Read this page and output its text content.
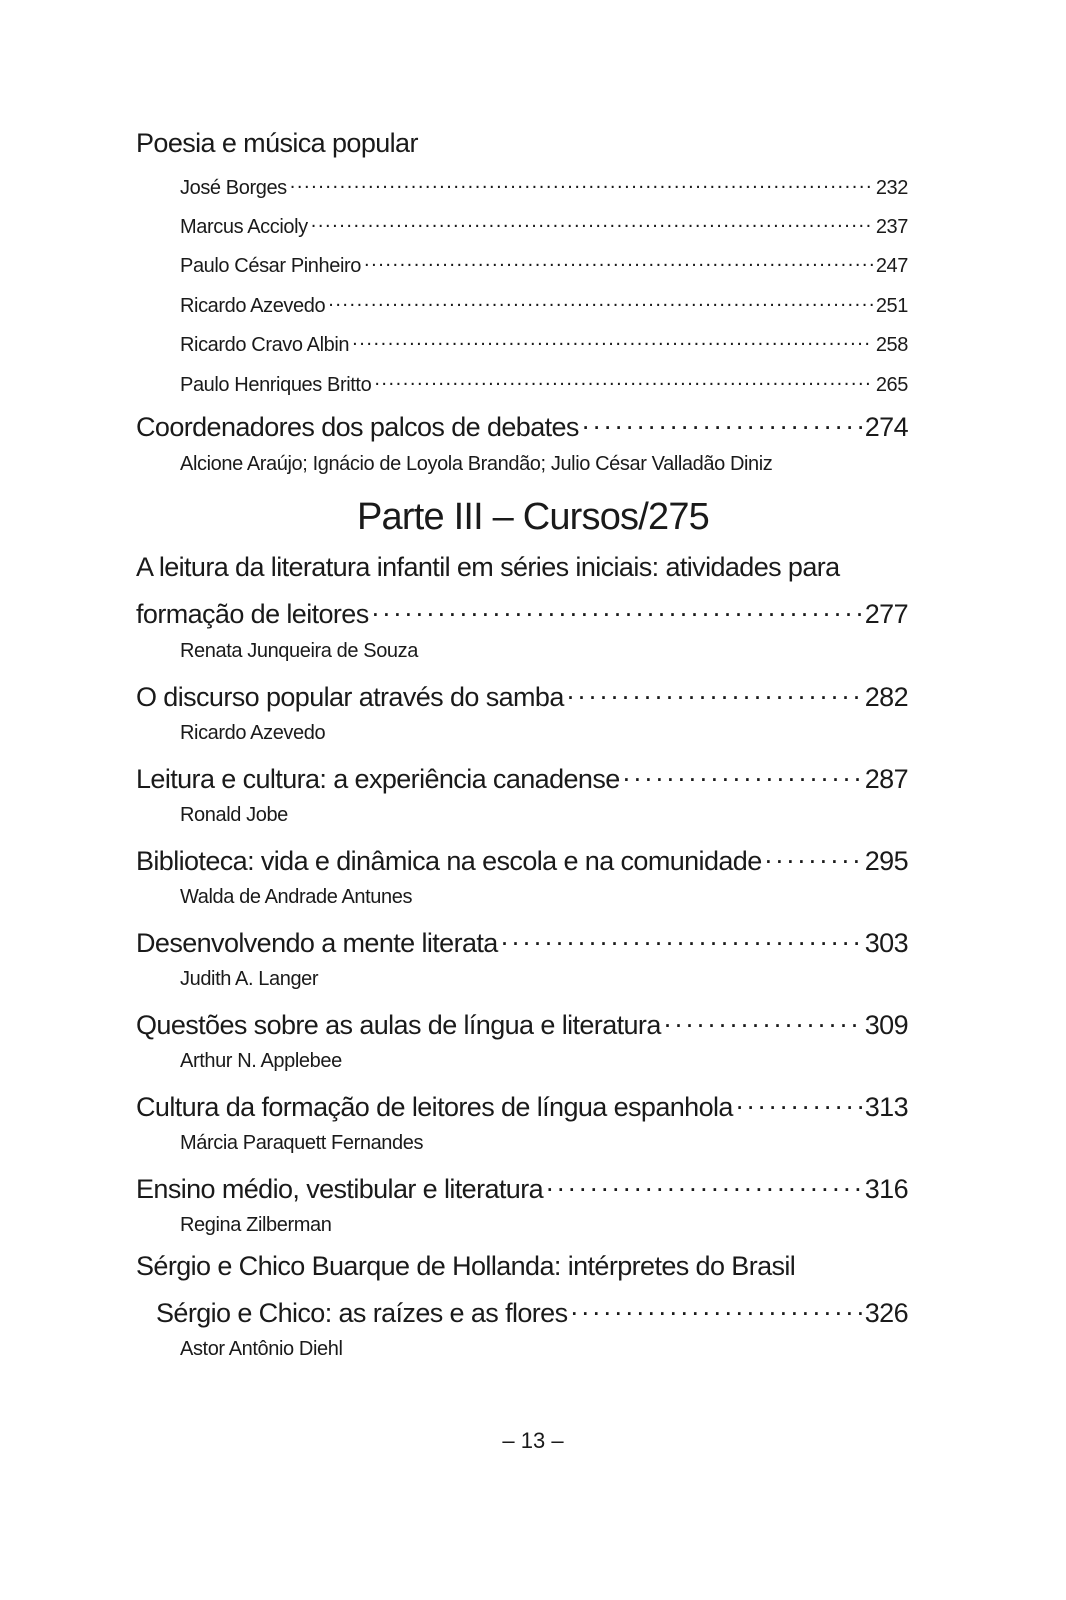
Poesia e música popular
José Borges . . .	232
Marcus Accioly . . .	237
Paulo César Pinheiro . . .	247
Ricardo Azevedo . . .	251
Ricardo Cravo Albin . . .	258
Paulo Henriques Britto . . .	265
Coordenadores dos palcos de debates . . .	274
Alcione Araújo; Ignácio de Loyola Brandão; Julio César Valladão Diniz
Parte III – Cursos/275
A leitura da literatura infantil em séries iniciais: atividades para
formação de leitores . . .	277
Renata Junqueira de Souza
O discurso popular através do samba . . .	282
Ricardo Azevedo
Leitura e cultura: a experiência canadense . . .	287
Ronald Jobe
Biblioteca: vida e dinâmica na escola e na comunidade . . .	295
Walda de Andrade Antunes
Desenvolvendo a mente literata . . .	303
Judith A. Langer
Questões sobre as aulas de língua e literatura . . .	309
Arthur N. Applebee
Cultura da formação de leitores de língua espanhola . . .	313
Márcia Paraquett Fernandes
Ensino médio, vestibular e literatura . . .	316
Regina Zilberman
Sérgio e Chico Buarque de Hollanda: intérpretes do Brasil
Sérgio e Chico: as raízes e as flores . . .	326
Astor Antônio Diehl
– 13 –
